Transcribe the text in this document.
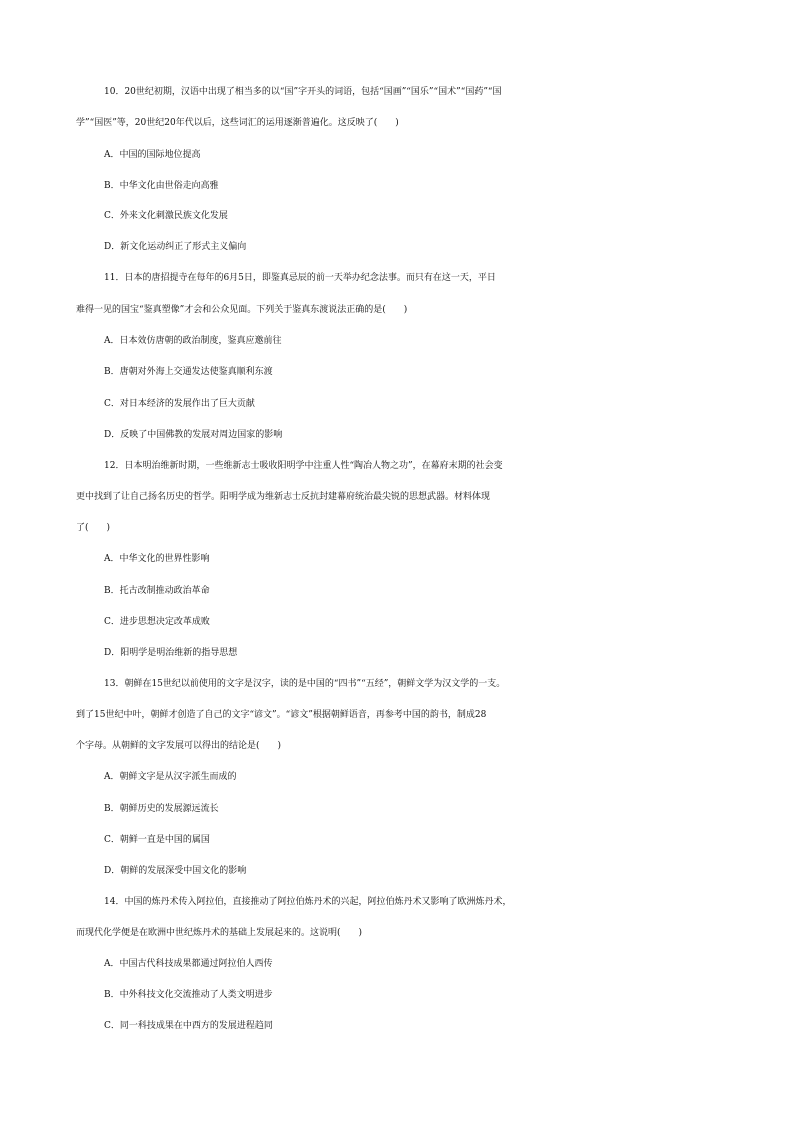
10．20世纪初期，汉语中出现了相当多的以“国”字开头的词语，包括“国画”“国乐”“国术”“国药”“国
学”“国医”等，20世纪20年代以后，这些词汇的运用逐渐普遍化。这反映了(　　)
A．中国的国际地位提高
B．中华文化由世俗走向高雅
C．外来文化刺激民族文化发展
D．新文化运动纠正了形式主义偏向
11．日本的唐招提寺在每年的6月5日，即鉴真忌辰的前一天举办纪念法事。而只有在这一天，平日
难得一见的国宝“鉴真塑像”才会和公众见面。下列关于鉴真东渡说法正确的是(　　)
A．日本效仿唐朝的政治制度，鉴真应邀前往
B．唐朝对外海上交通发达使鉴真顺利东渡
C．对日本经济的发展作出了巨大贡献
D．反映了中国佛教的发展对周边国家的影响
12．日本明治维新时期，一些维新志士吸收阳明学中注重人性“陶冶人物之功”，在幕府末期的社会变
更中找到了让自己扬名历史的哲学。阳明学成为维新志士反抗封建幕府统治最尖锐的思想武器。材料体现
了(　　)
A．中华文化的世界性影响
B．托古改制推动政治革命
C．进步思想决定改革成败
D．阳明学是明治维新的指导思想
13．朝鲜在15世纪以前使用的文字是汉字，读的是中国的“四书”“五经”，朝鲜文学为汉文学的一支。
到了15世纪中叶，朝鲜才创造了自己的文字“谚文”。“谚文”根据朝鲜语音，再参考中国的韵书，制成28
个字母。从朝鲜的文字发展可以得出的结论是(　　)
A．朝鲜文字是从汉字派生而成的
B．朝鲜历史的发展源远流长
C．朝鲜一直是中国的属国
D．朝鲜的发展深受中国文化的影响
14．中国的炼丹术传入阿拉伯，直接推动了阿拉伯炼丹术的兴起，阿拉伯炼丹术又影响了欧洲炼丹术，
而现代化学便是在欧洲中世纪炼丹术的基础上发展起来的。这说明(　　)
A．中国古代科技成果都通过阿拉伯人西传
B．中外科技文化交流推动了人类文明进步
C．同一科技成果在中西方的发展进程趋同
